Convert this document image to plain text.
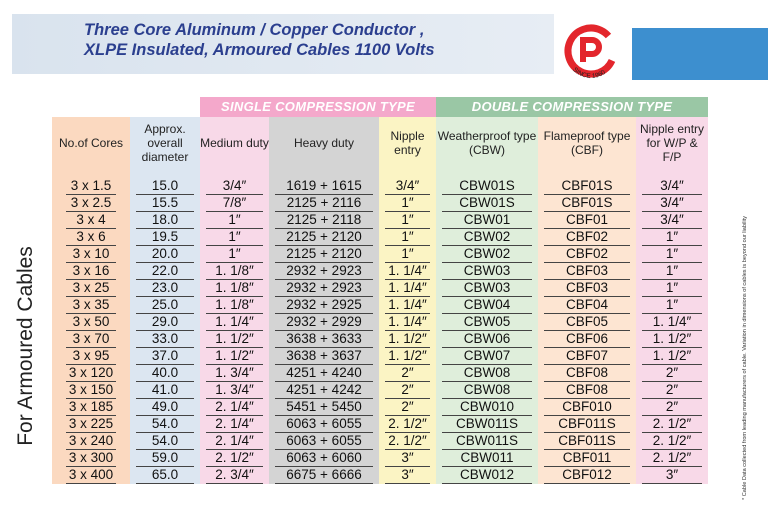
Three Core Aluminum / Copper Conductor ,
XLPE Insulated, Armoured Cables 1100 Volts
SINCE 1960
For Armoured Cables	* Cable Data collected from leading manufacturers of cable. Variation in dimensions of cables is beyond our liability
		SINGLE COMPRESSION TYPE			DOUBLE COMPRESSION TYPE		
No.of Cores	Approx. overall diameter	Medium duty	Heavy duty	Nipple entry	Weatherproof type (CBW)	Flameproof type (CBF)	Nipple entry for W/P & F/P

3 x 1.5	15.0	3/4″	1619 + 1615	3/4″	CBW01S	CBF01S	3/4″

3 x 2.5	15.5	7/8″	2125 + 2116	1″	CBW01S	CBF01S	3/4″

3 x 4	18.0	1″	2125 + 2118	1″	CBW01	CBF01	3/4″

3 x 6	19.5	1″	2125 + 2120	1″	CBW02	CBF02	1″

3 x 10	20.0	1″	2125 + 2120	1″	CBW02	CBF02	1″

3 x 16	22.0	1. 1/8″	2932 + 2923	1. 1/4″	CBW03	CBF03	1″

3 x 25	23.0	1. 1/8″	2932 + 2923	1. 1/4″	CBW03	CBF03	1″

3 x 35	25.0	1. 1/8″	2932 + 2925	1. 1/4″	CBW04	CBF04	1″

3 x 50	29.0	1. 1/4″	2932 + 2929	1. 1/4″	CBW05	CBF05	1. 1/4″

3 x 70	33.0	1. 1/2″	3638 + 3633	1. 1/2″	CBW06	CBF06	1. 1/2″

3 x 95	37.0	1. 1/2″	3638 + 3637	1. 1/2″	CBW07	CBF07	1. 1/2″

3 x 120	40.0	1. 3/4″	4251 + 4240	2″	CBW08	CBF08	2″

3 x 150	41.0	1. 3/4″	4251 + 4242	2″	CBW08	CBF08	2″

3 x 185	49.0	2. 1/4″	5451 + 5450	2″	CBW010	CBF010	2″

3 x 225	54.0	2. 1/4″	6063 + 6055	2. 1/2″	CBW011S	CBF011S	2. 1/2″

3 x 240	54.0	2. 1/4″	6063 + 6055	2. 1/2″	CBW011S	CBF011S	2. 1/2″

3 x 300	59.0	2. 1/2″	6063 + 6060	3″	CBW011	CBF011	2. 1/2″

3 x 400	65.0	2. 3/4″	6675 + 6666	3″	CBW012	CBF012	3″
